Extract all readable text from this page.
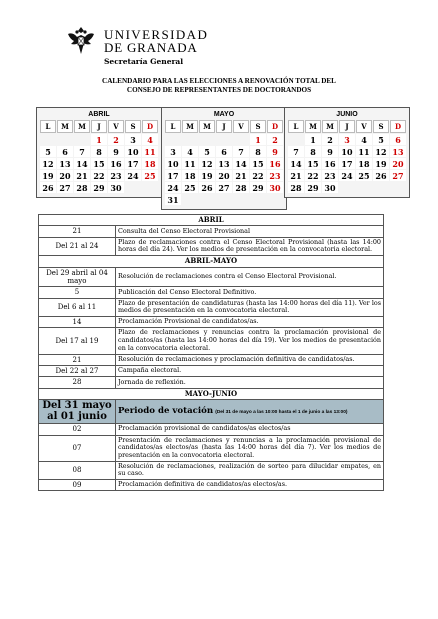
UNIVERSIDAD
DE GRANADA
Secretaría General
CALENDARIO PARA LAS ELECCIONES A RENOVACIÓN TOTAL DEL
CONSEJO DE REPRESENTANTES DE DOCTORANDOS
ABRIL
L	M	M	J	V	S	D
			1	2	3	4
5	6	7	8	9	10	11
12	13	14	15	16	17	18
19	20	21	22	23	24	25
26	27	28	29	30		
MAYO
L	M	M	J	V	S	D
					1	2
3	4	5	6	7	8	9
10	11	12	13	14	15	16
17	18	19	20	21	22	23
24	25	26	27	28	29	30
31						
JUNIO
L	M	M	J	V	S	D
	1	2	3	4	5	6
7	8	9	10	11	12	13
14	15	16	17	18	19	20
21	22	23	24	25	26	27
28	29	30				
ABRIL	
21	Consulta del Censo Electoral Provisional
Del 21 al 24	Plazo de reclamaciones contra el Censo Electoral Provisional (hasta las 14:00 horas del día 24). Ver los medios de presentación en la convocatoria electoral.
ABRIL-MAYO	
Del 29 abril al 04 mayo	Resolución de reclamaciones contra el Censo Electoral Provisional.
5	Publicación del Censo Electoral Definitivo.
Del 6 al 11	Plazo de presentación de candidaturas (hasta las 14:00 horas del día 11). Ver los medios de presentación en la convocatoria electoral.
14	Proclamación Provisional de candidatos/as.
Del 17 al 19	Plazo de reclamaciones y renuncias contra la proclamación provisional de candidatos/as (hasta las 14:00 horas del día 19). Ver los medios de presentación en la convocatoria electoral.
21	Resolución de reclamaciones y proclamación definitiva de candidatos/as.
Del 22 al 27	Campaña electoral.
28	Jornada de reflexión.
MAYO-JUNIO	
Del 31 mayo al 01 junio	Periodo de votación (Del 31 de mayo a las 10:00 hasta el 1 de junio a las 13:00)
02	Proclamación provisional de candidatos/as electos/as
07	Presentación de reclamaciones y renuncias a la proclamación provisional de candidatos/as electos/as (hasta las 14:00 horas del día 7). Ver los medios de presentación en la convocatoria electoral.
08	Resolución de reclamaciones, realización de sorteo para dilucidar empates, en su caso.
09	Proclamación definitiva de candidatos/as electos/as.
